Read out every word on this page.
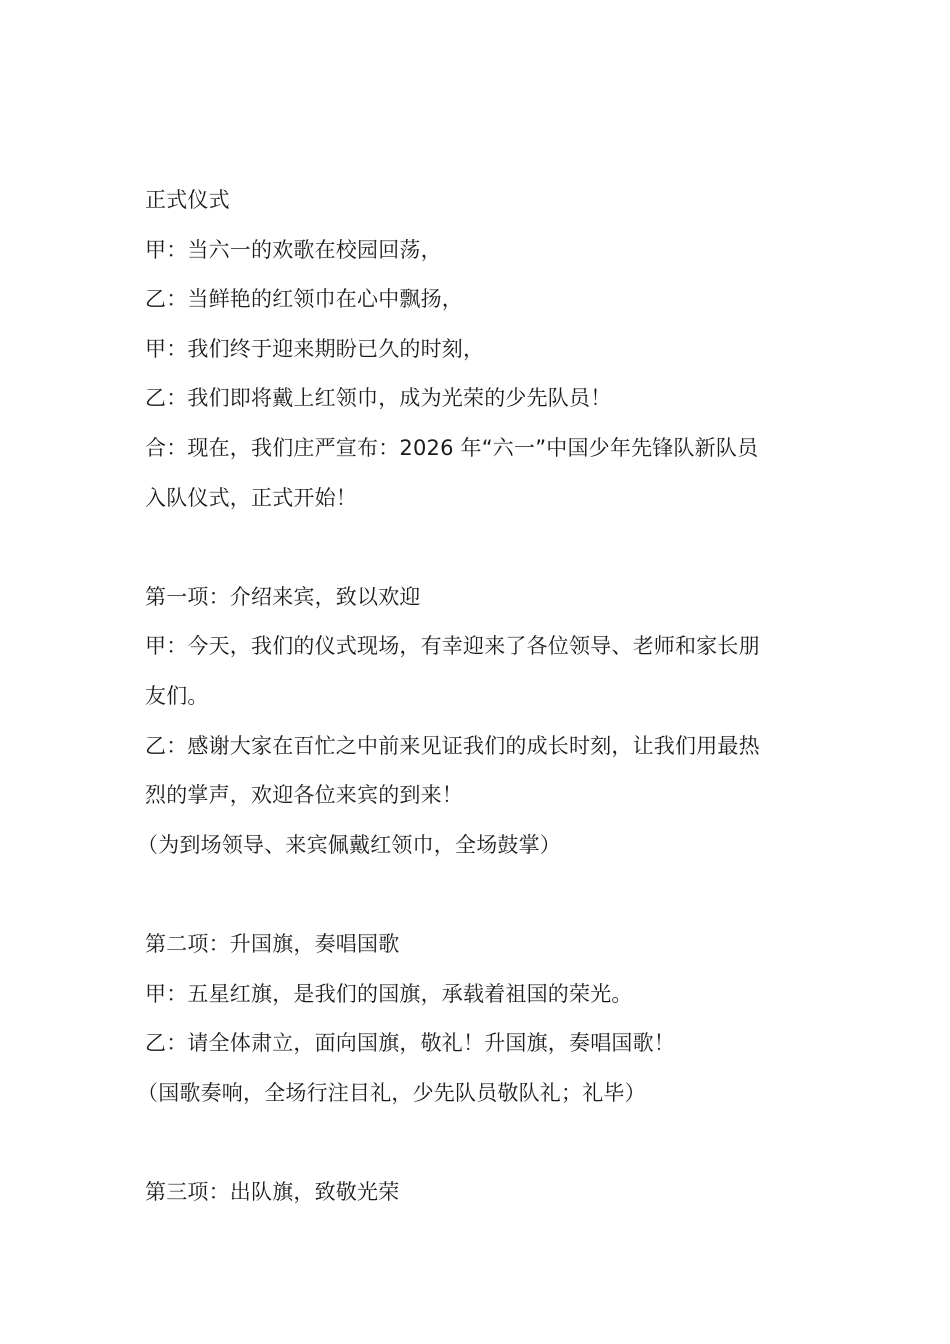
正式仪式
甲：当六一的欢歌在校园回荡，
乙：当鲜艳的红领巾在心中飘扬，
甲：我们终于迎来期盼已久的时刻，
乙：我们即将戴上红领巾，成为光荣的少先队员！
合：现在，我们庄严宣布：2026 年“六一”中国少年先锋队新队员
入队仪式，正式开始！
第一项：介绍来宾，致以欢迎
甲：今天，我们的仪式现场，有幸迎来了各位领导、老师和家长朋
友们。
乙：感谢大家在百忙之中前来见证我们的成长时刻，让我们用最热
烈的掌声，欢迎各位来宾的到来！
（为到场领导、来宾佩戴红领巾，全场鼓掌）
第二项：升国旗，奏唱国歌
甲：五星红旗，是我们的国旗，承载着祖国的荣光。
乙：请全体肃立，面向国旗，敬礼！升国旗，奏唱国歌！
（国歌奏响，全场行注目礼，少先队员敬队礼；礼毕）
第三项：出队旗，致敬光荣
